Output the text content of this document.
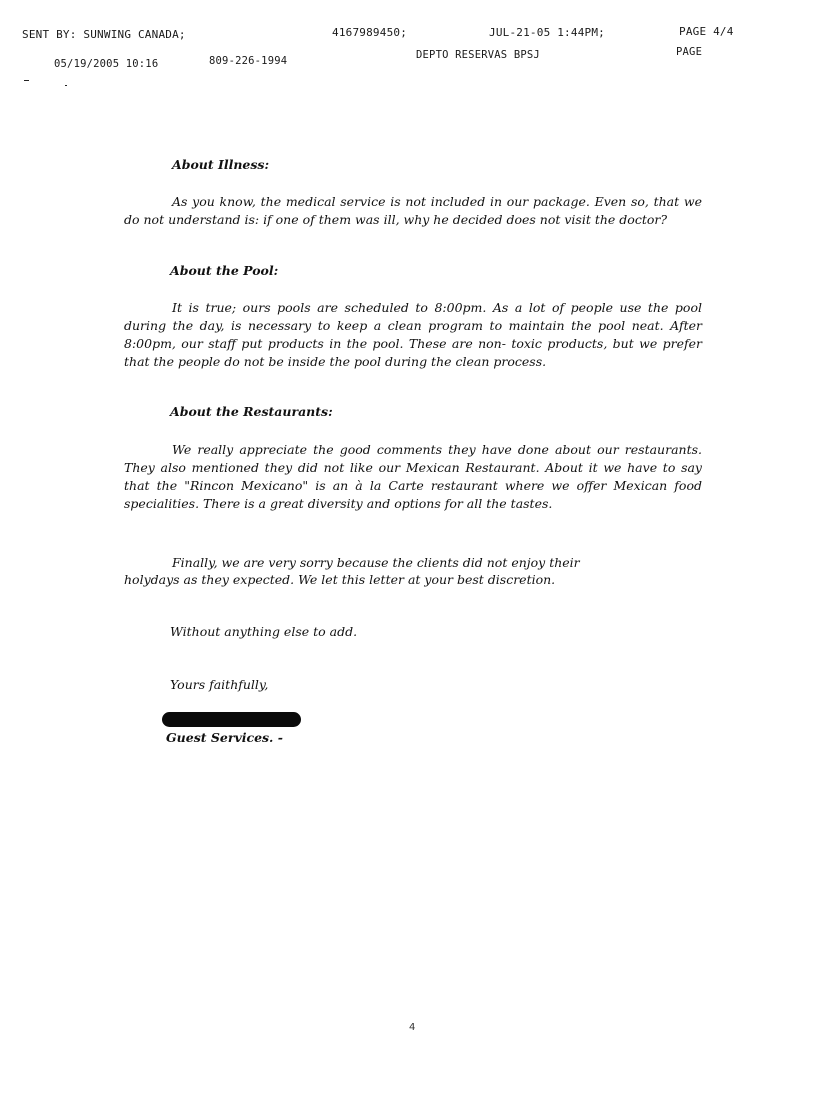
SENT BY: SUNWING CANADA;	4167989450;	JUL-21-05 1:44PM;	PAGE 4/4
05/19/2005 10:16	809-226-1994	DEPTO RESERVAS BPSJ	PAGE
About Illness:
As you know, the medical service is not included in our package. Even so, that we do not understand is: if one of them was ill, why he decided does not visit the doctor?
About the Pool:
It is true; ours pools are scheduled to 8:00pm. As a lot of people use the pool during the day, is necessary to keep a clean program to maintain the pool neat. After 8:00pm, our staff put products in the pool. These are non- toxic products, but we prefer that the people do not be inside the pool during the clean process.
About the Restaurants:
We really appreciate the good comments they have done about our restaurants. They also mentioned they did not like our Mexican Restaurant. About it we have to say that the "Rincon Mexicano" is an à la Carte restaurant where we offer Mexican food specialities. There is a great diversity and options for all the tastes.
Finally, we are very sorry because the clients did not enjoy their
holydays as they expected. We let this letter at your best discretion.
Without anything else to add.
Yours faithfully,
Guest Services. -
4
